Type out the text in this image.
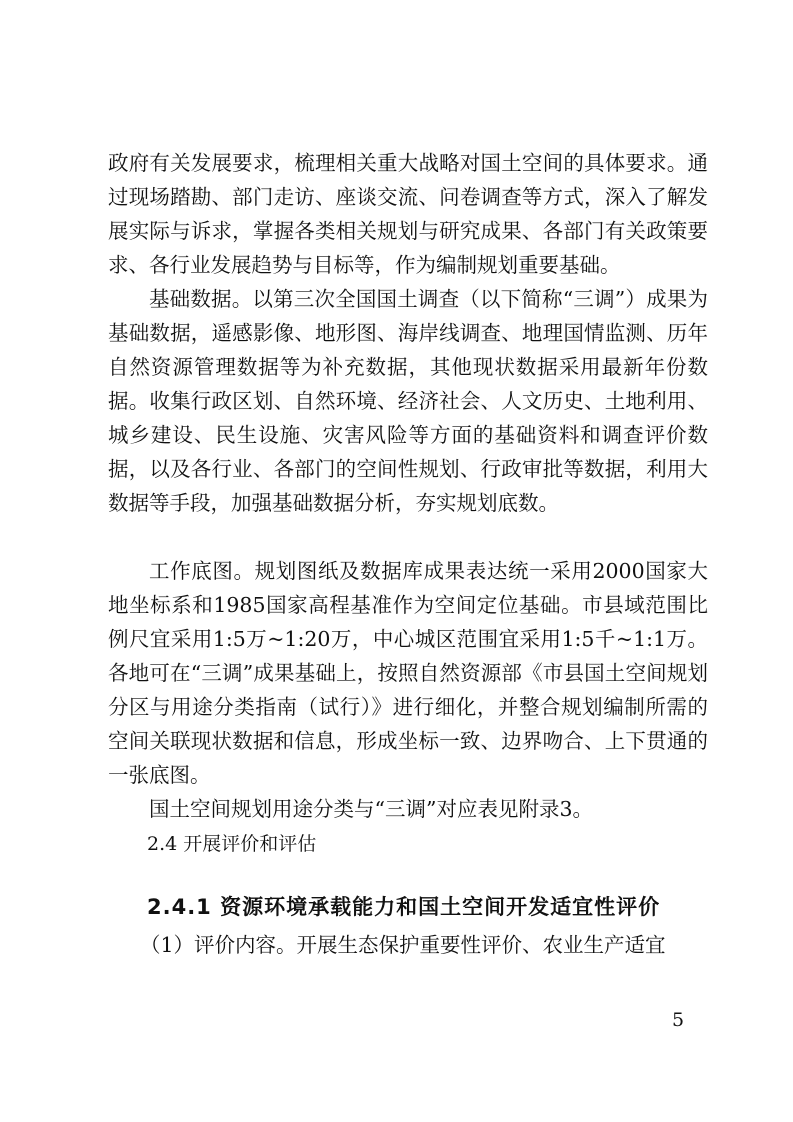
政府有关发展要求，梳理相关重大战略对国土空间的具体要求。通过现场踏勘、部门走访、座谈交流、问卷调查等方式，深入了解发展实际与诉求，掌握各类相关规划与研究成果、各部门有关政策要求、各行业发展趋势与目标等，作为编制规划重要基础。

基础数据。以第三次全国国土调查（以下简称“三调”）成果为基础数据，遥感影像、地形图、海岸线调查、地理国情监测、历年自然资源管理数据等为补充数据，其他现状数据采用最新年份数据。收集行政区划、自然环境、经济社会、人文历史、土地利用、城乡建设、民生设施、灾害风险等方面的基础资料和调查评价数据，以及各行业、各部门的空间性规划、行政审批等数据，利用大数据等手段，加强基础数据分析，夯实规划底数。

工作底图。规划图纸及数据库成果表达统一采用2000国家大地坐标系和1985国家高程基准作为空间定位基础。市县域范围比例尺宜采用1:5万~1:20万，中心城区范围宜采用1:5千~1:1万。各地可在“三调”成果基础上，按照自然资源部《市县国土空间规划分区与用途分类指南（试行）》进行细化，并整合规划编制所需的空间关联现状数据和信息，形成坐标一致、边界吻合、上下贯通的一张底图。

国土空间规划用途分类与“三调”对应表见附录3。

2.4 开展评价和评估

2.4.1 资源环境承载能力和国土空间开发适宜性评价

（1）评价内容。开展生态保护重要性评价、农业生产适宜

5
